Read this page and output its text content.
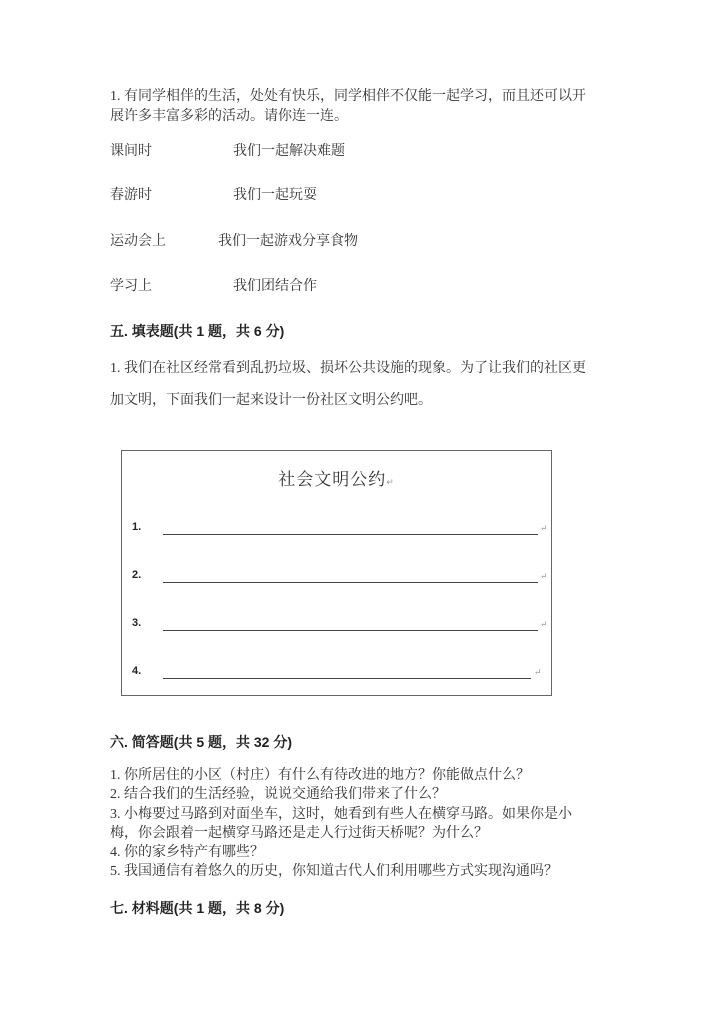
1. 有同学相伴的生活，处处有快乐，同学相伴不仅能一起学习，而且还可以开
展许多丰富多彩的活动。请你连一连。
课间时	我们一起解决难题
春游时	我们一起玩耍
运动会上	我们一起游戏分享食物
学习上	我们团结合作
五. 填表题(共 1 题，共 6 分)
1. 我们在社区经常看到乱扔垃圾、损坏公共设施的现象。为了让我们的社区更
加文明，下面我们一起来设计一份社区文明公约吧。
社会文明公约↵
1.	↵
2.	↵
3.	↵
4.	↵
六. 简答题(共 5 题，共 32 分)
1. 你所居住的小区（村庄）有什么有待改进的地方？你能做点什么？
2. 结合我们的生活经验，说说交通给我们带来了什么？
3. 小梅要过马路到对面坐车，这时，她看到有些人在横穿马路。如果你是小
梅，你会跟着一起横穿马路还是走人行过街天桥呢？为什么？
4. 你的家乡特产有哪些？
5. 我国通信有着悠久的历史，你知道古代人们利用哪些方式实现沟通吗？
七. 材料题(共 1 题，共 8 分)
